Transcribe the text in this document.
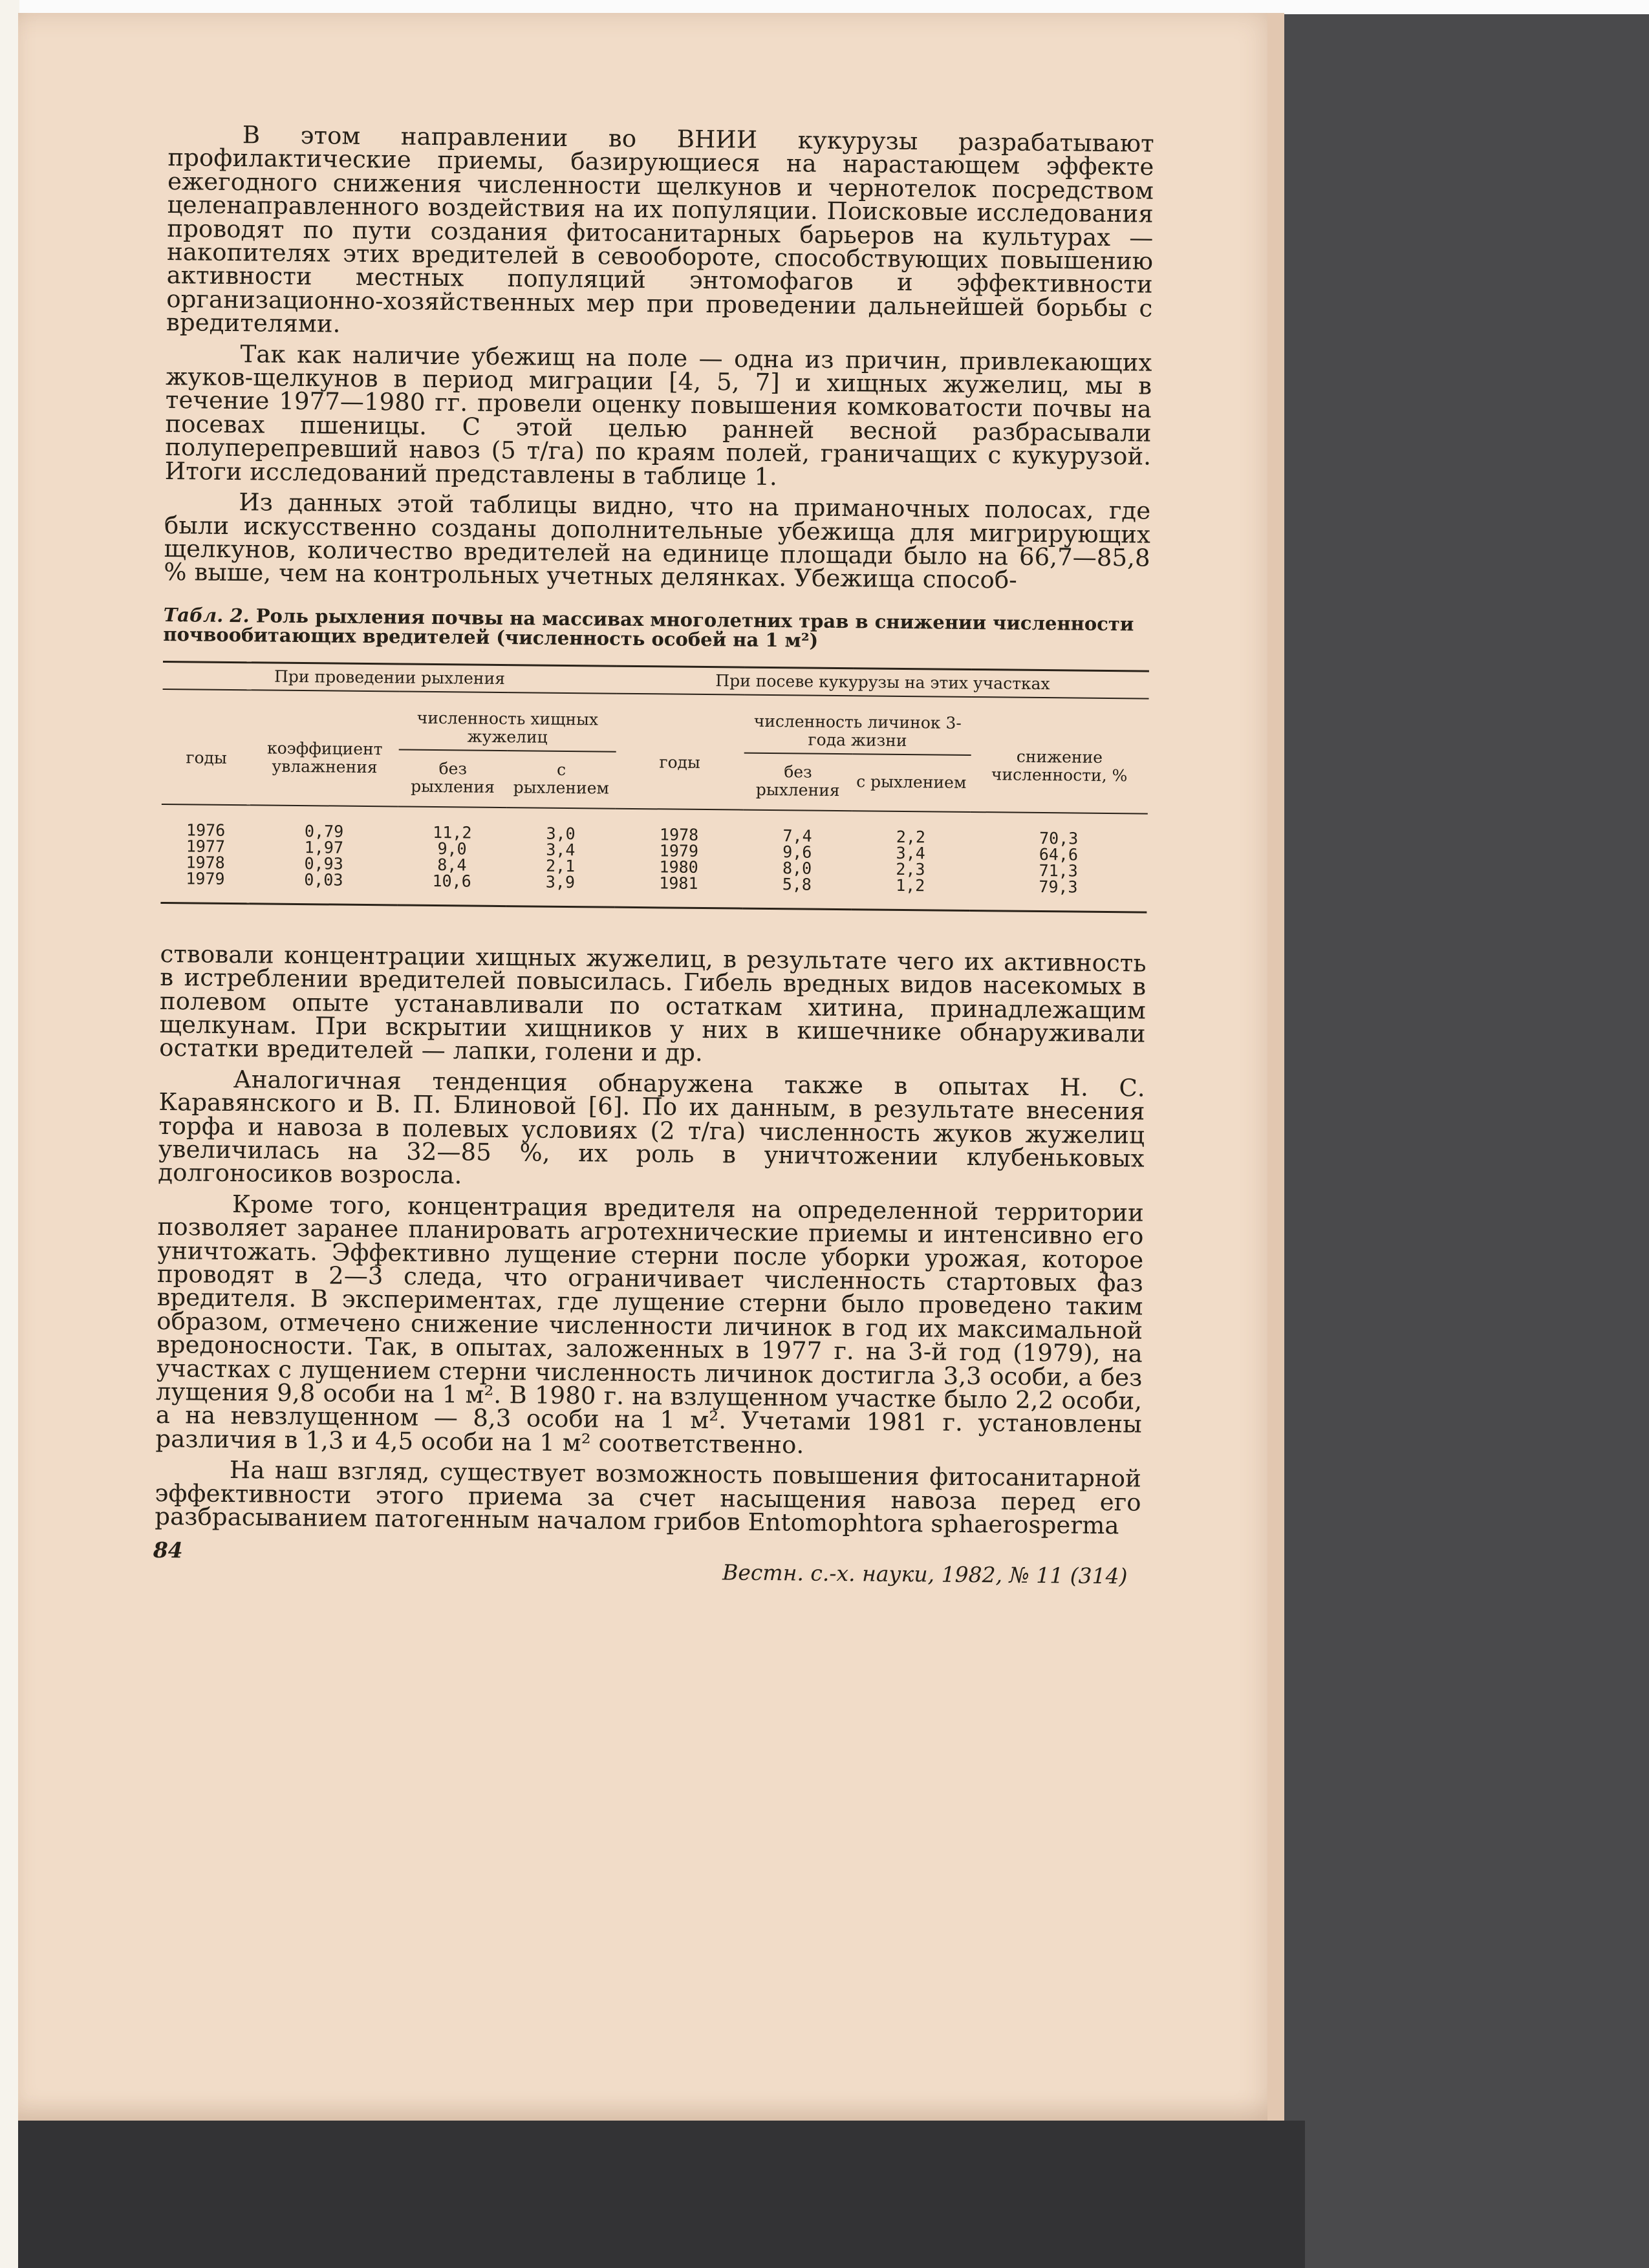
В этом направлении во ВНИИ кукурузы разрабатывают профилактические приемы, базирующиеся на нарастающем эффекте ежегодного снижения численности щелкунов и чернотелок посредством целенаправленного воздействия на их популяции. Поисковые исследования проводят по пути создания фитосанитарных барьеров на культурах — накопителях этих вредителей в севообороте, способствующих повышению активности местных популяций энтомофагов и эффективности организационно-хозяйственных мер при проведении дальнейшей борьбы с вредителями.

Так как наличие убежищ на поле — одна из причин, привлекающих жуков-щелкунов в период миграции [4, 5, 7] и хищных жужелиц, мы в течение 1977—1980 гг. провели оценку повышения комковатости почвы на посевах пшеницы. С этой целью ранней весной разбрасывали полуперепревший навоз (5 т/га) по краям полей, граничащих с кукурузой. Итоги исследований представлены в таблице 1.

Из данных этой таблицы видно, что на приманочных полосах, где были искусственно созданы дополнительные убежища для мигрирующих щелкунов, количество вредителей на единице площади было на 66,7—85,8 % выше, чем на контрольных учетных делянках. Убежища способ-

Табл. 2. Роль рыхления почвы на массивах многолетних трав в снижении численности почвообитающих вредителей (численность особей на 1 м²)

При проведении рыхления				При посеве кукурузы на этих участках			
годы	коэффициент увлажнения	численность хищных жужелиц		годы	численность личинок 3-года жизни		снижение численности, %
		без рыхления	с рыхлением		без рыхления	с рыхлением	
1976	0,79	11,2	3,0	1978	7,4	2,2	70,3
1977	1,97	9,0	3,4	1979	9,6	3,4	64,6
1978	0,93	8,4	2,1	1980	8,0	2,3	71,3
1979	0,03	10,6	3,9	1981	5,8	1,2	79,3

ствовали концентрации хищных жужелиц, в результате чего их активность в истреблении вредителей повысилась. Гибель вредных видов насекомых в полевом опыте устанавливали по остаткам хитина, принадлежащим щелкунам. При вскрытии хищников у них в кишечнике обнаруживали остатки вредителей — лапки, голени и др.

Аналогичная тенденция обнаружена также в опытах Н. С. Каравянского и В. П. Блиновой [6]. По их данным, в результате внесения торфа и навоза в полевых условиях (2 т/га) численность жуков жужелиц увеличилась на 32—85 %, их роль в уничтожении клубеньковых долгоносиков возросла.

Кроме того, концентрация вредителя на определенной территории позволяет заранее планировать агротехнические приемы и интенсивно его уничтожать. Эффективно лущение стерни после уборки урожая, которое проводят в 2—3 следа, что ограничивает численность стартовых фаз вредителя. В экспериментах, где лущение стерни было проведено таким образом, отмечено снижение численности личинок в год их максимальной вредоносности. Так, в опытах, заложенных в 1977 г. на 3-й год (1979), на участках с лущением стерни численность личинок достигла 3,3 особи, а без лущения 9,8 особи на 1 м². В 1980 г. на взлущенном участке было 2,2 особи, а на невзлущенном — 8,3 особи на 1 м². Учетами 1981 г. установлены различия в 1,3 и 4,5 особи на 1 м² соответственно.

На наш взгляд, существует возможность повышения фитосанитарной эффективности этого приема за счет насыщения навоза перед его разбрасыванием патогенным началом грибов Entomophtora sphaerosperma

84
Вестн. с.-х. науки, 1982, № 11 (314)
